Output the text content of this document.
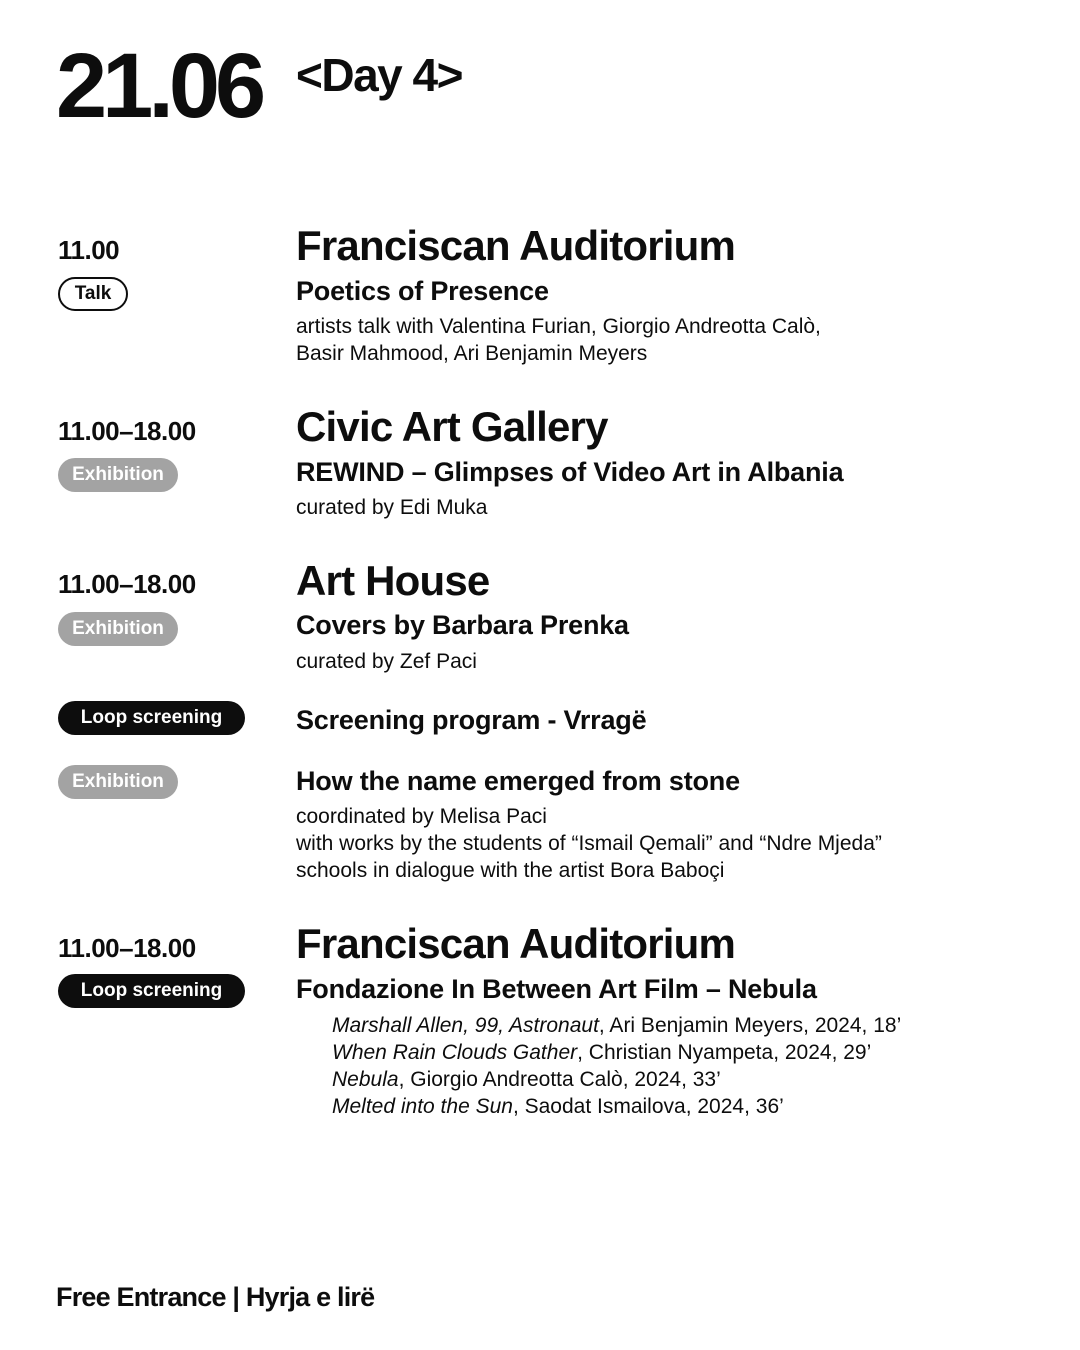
21.06 <Day 4>
11.00
Talk
Franciscan Auditorium
Poetics of Presence
artists talk with Valentina Furian, Giorgio Andreotta Calò,
Basir Mahmood, Ari Benjamin Meyers
11.00–18.00
Exhibition
Civic Art Gallery
REWIND – Glimpses of Video Art in Albania
curated by Edi Muka
11.00–18.00
Exhibition
Art House
Covers by Barbara Prenka
curated by Zef Paci
Loop screening	Screening program - Vrragë
Exhibition	How the name emerged from stone
coordinated by Melisa Paci
with works by the students of “Ismail Qemali” and “Ndre Mjeda”
schools in dialogue with the artist Bora Baboçi
11.00–18.00
Loop screening
Franciscan Auditorium
Fondazione In Between Art Film – Nebula
Marshall Allen, 99, Astronaut, Ari Benjamin Meyers, 2024, 18’
When Rain Clouds Gather, Christian Nyampeta, 2024, 29’
Nebula, Giorgio Andreotta Calò, 2024, 33’
Melted into the Sun, Saodat Ismailova, 2024, 36’
Free Entrance | Hyrja e lirë
